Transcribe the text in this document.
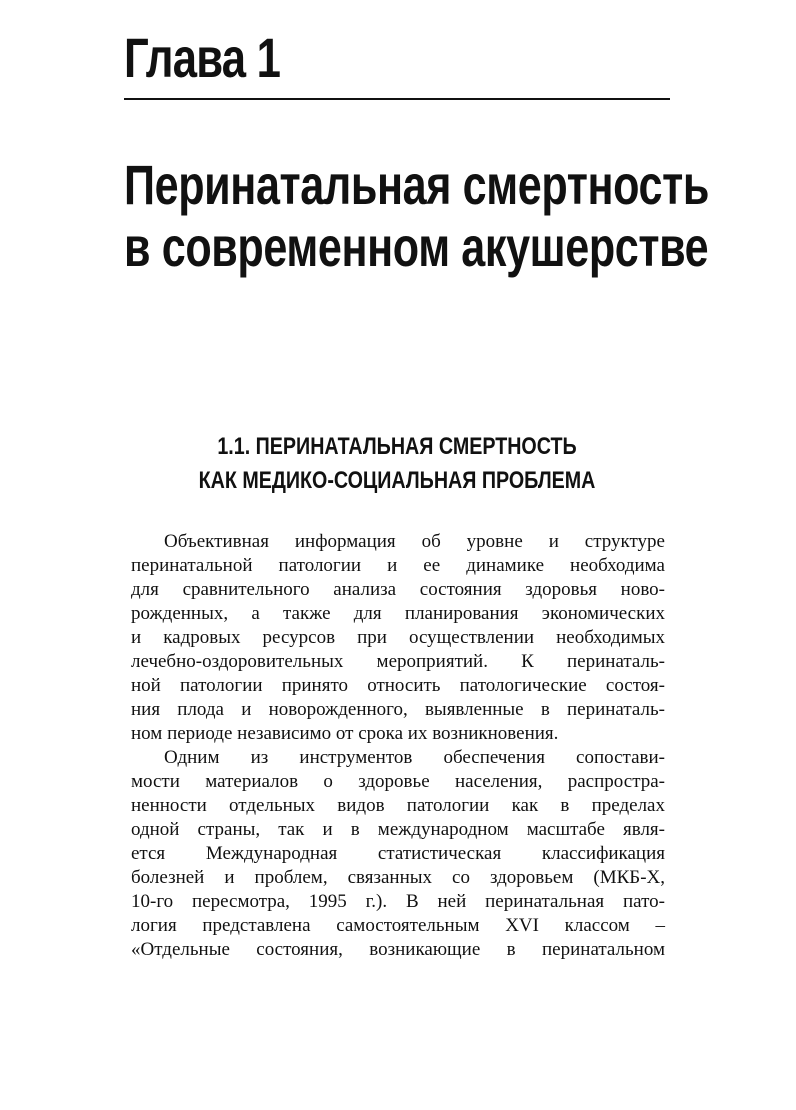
Глава 1
Перинатальная смертность
в современном акушерстве
1.1. ПЕРИНАТАЛЬНАЯ СМЕРТНОСТЬ
КАК МЕДИКО-СОЦИАЛЬНАЯ ПРОБЛЕМА

Объективная информация об уровне и структуре
перинатальной патологии и ее динамике необходима
для сравнительного анализа состояния здоровья ново-
рожденных, а также для планирования экономических
и кадровых ресурсов при осуществлении необходимых
лечебно-оздоровительных мероприятий. К перинаталь-
ной патологии принято относить патологические состоя-
ния плода и новорожденного, выявленные в перинаталь-
ном периоде независимо от срока их возникновения.

Одним из инструментов обеспечения сопостави-
мости материалов о здоровье населения, распростра-
ненности отдельных видов патологии как в пределах
одной страны, так и в международном масштабе явля-
ется Международная статистическая классификация
болезней и проблем, связанных со здоровьем (МКБ-Х,
10-го пересмотра, 1995 г.). В ней перинатальная пато-
логия представлена самостоятельным XVI классом –
«Отдельные состояния, возникающие в перинатальном
